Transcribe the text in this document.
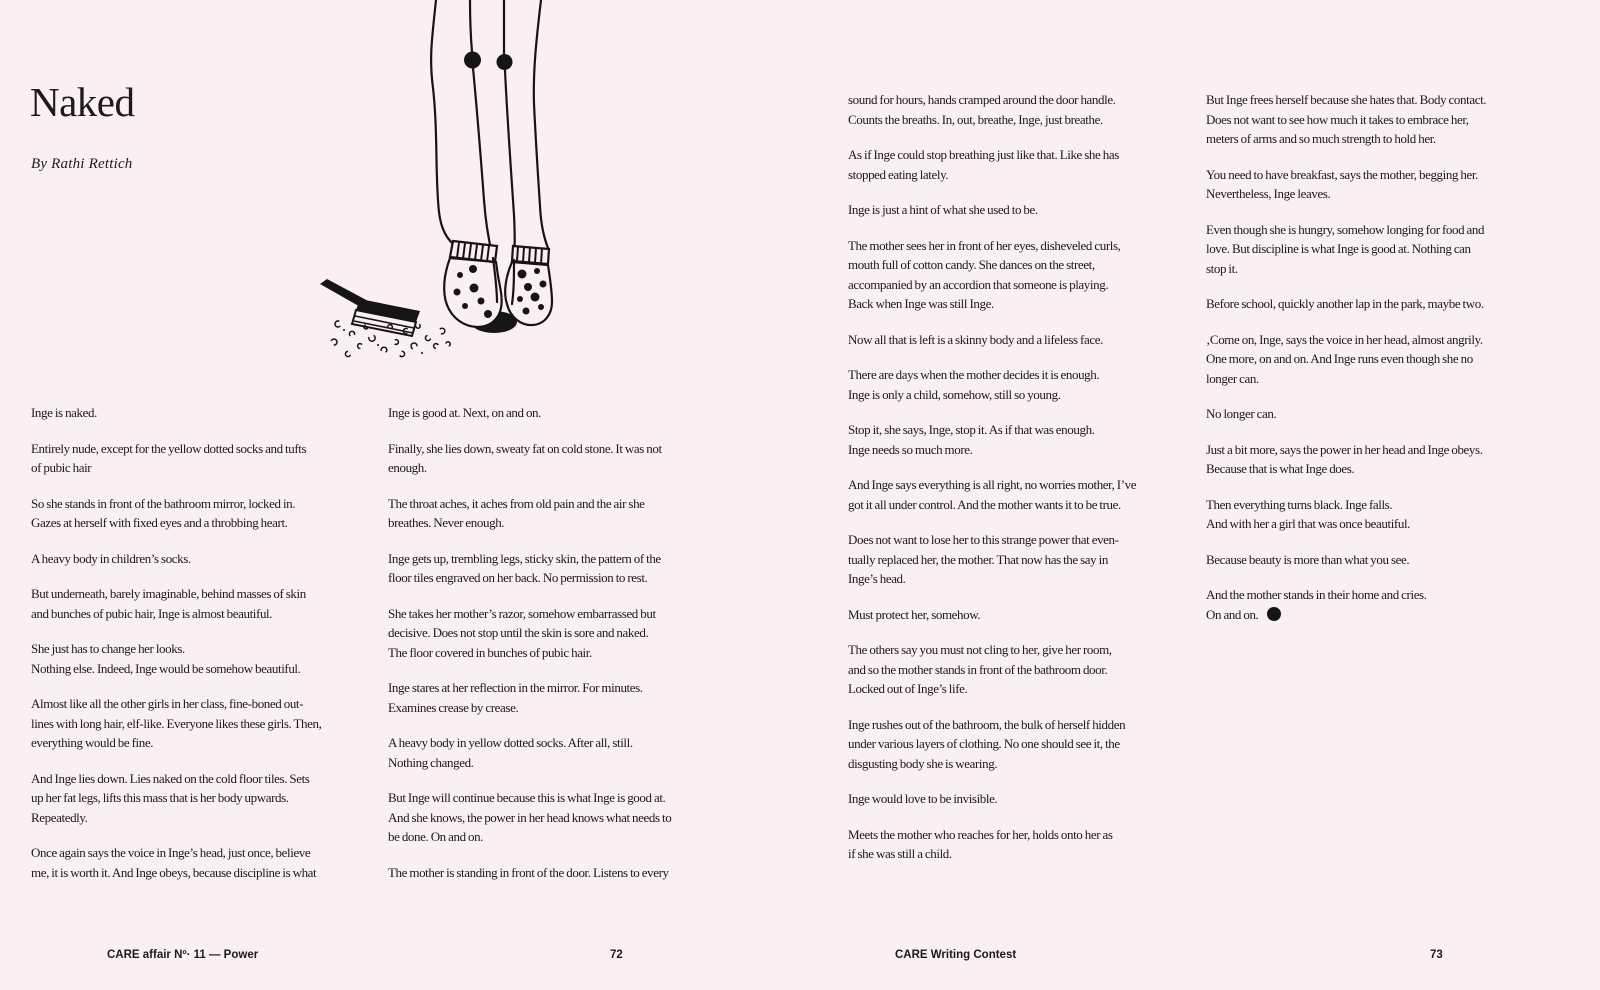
Naked
By Rathi Rettich
Inge is naked.
Entirely nude, except for the yellow dotted socks and tufts
of pubic hair
So she stands in front of the bathroom mirror, locked in.
Gazes at herself with fixed eyes and a throbbing heart.
A heavy body in children’s socks.
But underneath, barely imaginable, behind masses of skin
and bunches of pubic hair, Inge is almost beautiful.
She just has to change her looks.
Nothing else. Indeed, Inge would be somehow beautiful.
Almost like all the other girls in her class, fine-boned out-
lines with long hair, elf-like. Everyone likes these girls. Then,
everything would be fine.
And Inge lies down. Lies naked on the cold floor tiles. Sets
up her fat legs, lifts this mass that is her body upwards.
Repeatedly.
Once again says the voice in Inge’s head, just once, believe
me, it is worth it. And Inge obeys, because discipline is what
Inge is good at. Next, on and on.
Finally, she lies down, sweaty fat on cold stone. It was not
enough.
The throat aches, it aches from old pain and the air she
breathes. Never enough.
Inge gets up, trembling legs, sticky skin, the pattern of the
floor tiles engraved on her back. No permission to rest.
She takes her mother’s razor, somehow embarrassed but
decisive. Does not stop until the skin is sore and naked.
The floor covered in bunches of pubic hair.
Inge stares at her reflection in the mirror. For minutes.
Examines crease by crease.
A heavy body in yellow dotted socks. After all, still.
Nothing changed.
But Inge will continue because this is what Inge is good at.
And she knows, the power in her head knows what needs to
be done. On and on.
The mother is standing in front of the door. Listens to every
sound for hours, hands cramped around the door handle.
Counts the breaths. In, out, breathe, Inge, just breathe.
As if Inge could stop breathing just like that. Like she has
stopped eating lately.
Inge is just a hint of what she used to be.
The mother sees her in front of her eyes, disheveled curls,
mouth full of cotton candy. She dances on the street,
accompanied by an accordion that someone is playing.
Back when Inge was still Inge.
Now all that is left is a skinny body and a lifeless face.
There are days when the mother decides it is enough.
Inge is only a child, somehow, still so young.
Stop it, she says, Inge, stop it. As if that was enough.
Inge needs so much more.
And Inge says everything is all right, no worries mother, I’ve
got it all under control. And the mother wants it to be true.
Does not want to lose her to this strange power that even-
tually replaced her, the mother. That now has the say in
Inge’s head.
Must protect her, somehow.
The others say you must not cling to her, give her room,
and so the mother stands in front of the bathroom door.
Locked out of Inge’s life.
Inge rushes out of the bathroom, the bulk of herself hidden
under various layers of clothing. No one should see it, the
disgusting body she is wearing.
Inge would love to be invisible.
Meets the mother who reaches for her, holds onto her as
if she was still a child.
But Inge frees herself because she hates that. Body contact.
Does not want to see how much it takes to embrace her,
meters of arms and so much strength to hold her.
You need to have breakfast, says the mother, begging her.
Nevertheless, Inge leaves.
Even though she is hungry, somehow longing for food and
love. But discipline is what Inge is good at. Nothing can
stop it.
Before school, quickly another lap in the park, maybe two.
‚Come on, Inge, says the voice in her head, almost angrily.
One more, on and on. And Inge runs even though she no
longer can.
No longer can.
Just a bit more, says the power in her head and Inge obeys.
Because that is what Inge does.
Then everything turns black. Inge falls.
And with her a girl that was once beautiful.
Because beauty is more than what you see.
And the mother stands in their home and cries.
On and on.
CARE affair Nº· 11 — Power	72	CARE Writing Contest	73
